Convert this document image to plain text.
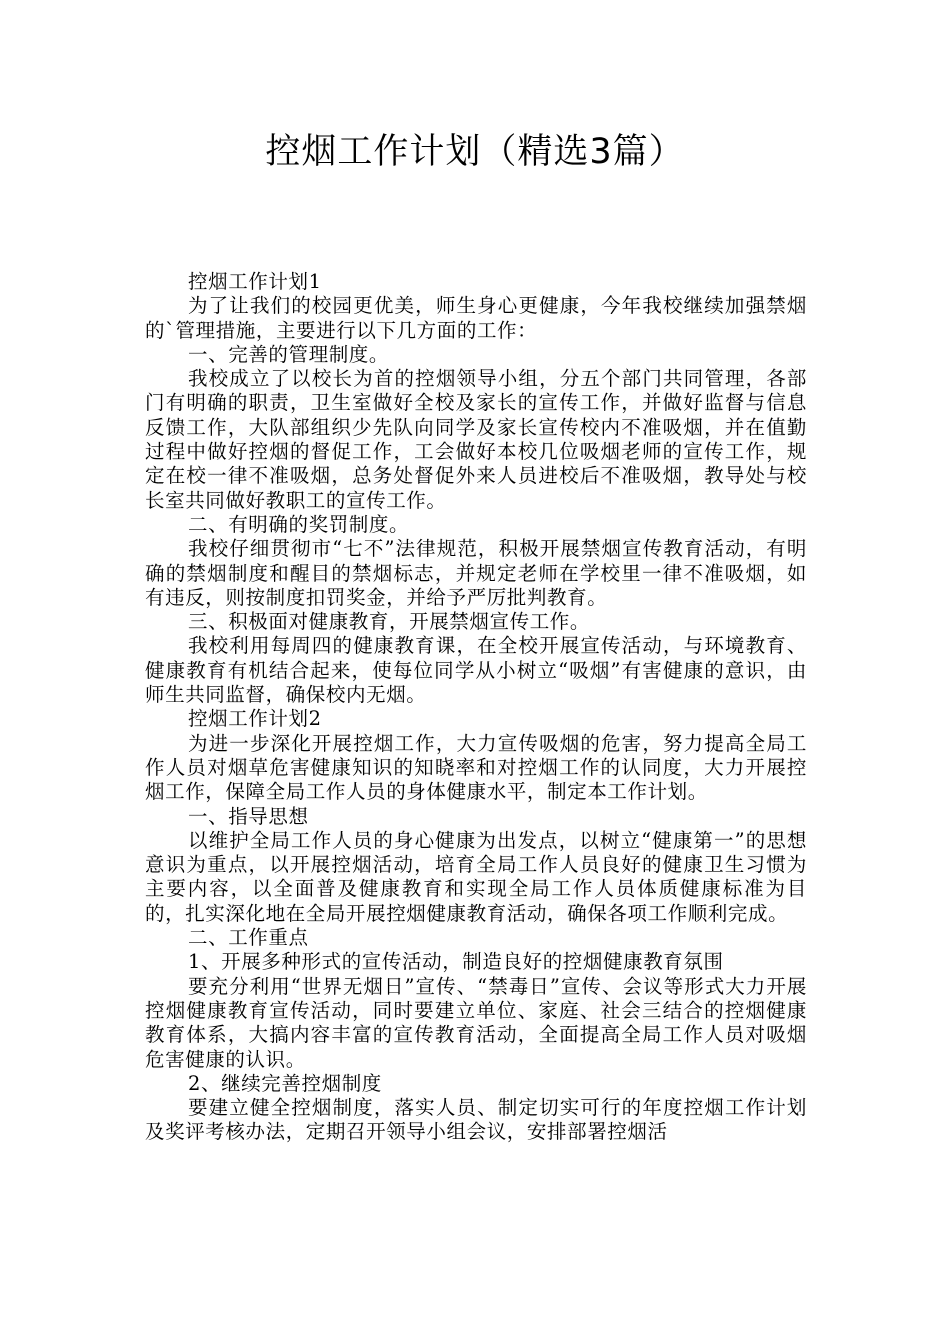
控烟工作计划（精选3篇）

控烟工作计划1

为了让我们的校园更优美，师生身心更健康，今年我校继续加强禁烟的`管理措施，主要进行以下几方面的工作：

一、完善的管理制度。

我校成立了以校长为首的控烟领导小组，分五个部门共同管理，各部门有明确的职责，卫生室做好全校及家长的宣传工作，并做好监督与信息反馈工作，大队部组织少先队向同学及家长宣传校内不准吸烟，并在值勤过程中做好控烟的督促工作，工会做好本校几位吸烟老师的宣传工作，规定在校一律不准吸烟，总务处督促外来人员进校后不准吸烟，教导处与校长室共同做好教职工的宣传工作。

二、有明确的奖罚制度。

我校仔细贯彻市“七不”法律规范，积极开展禁烟宣传教育活动，有明确的禁烟制度和醒目的禁烟标志，并规定老师在学校里一律不准吸烟，如有违反，则按制度扣罚奖金，并给予严厉批判教育。

三、积极面对健康教育，开展禁烟宣传工作。

我校利用每周四的健康教育课，在全校开展宣传活动，与环境教育、健康教育有机结合起来，使每位同学从小树立“吸烟”有害健康的意识，由师生共同监督，确保校内无烟。

控烟工作计划2

为进一步深化开展控烟工作，大力宣传吸烟的危害，努力提高全局工作人员对烟草危害健康知识的知晓率和对控烟工作的认同度，大力开展控烟工作，保障全局工作人员的身体健康水平，制定本工作计划。

一、指导思想

以维护全局工作人员的身心健康为出发点，以树立“健康第一”的思想意识为重点，以开展控烟活动，培育全局工作人员良好的健康卫生习惯为主要内容，以全面普及健康教育和实现全局工作人员体质健康标准为目的，扎实深化地在全局开展控烟健康教育活动，确保各项工作顺利完成。

二、工作重点

1、开展多种形式的宣传活动，制造良好的控烟健康教育氛围

要充分利用“世界无烟日”宣传、“禁毒日”宣传、会议等形式大力开展控烟健康教育宣传活动，同时要建立单位、家庭、社会三结合的控烟健康教育体系，大搞内容丰富的宣传教育活动，全面提高全局工作人员对吸烟危害健康的认识。

2、继续完善控烟制度

要建立健全控烟制度，落实人员、制定切实可行的年度控烟工作计划及奖评考核办法，定期召开领导小组会议，安排部署控烟活
